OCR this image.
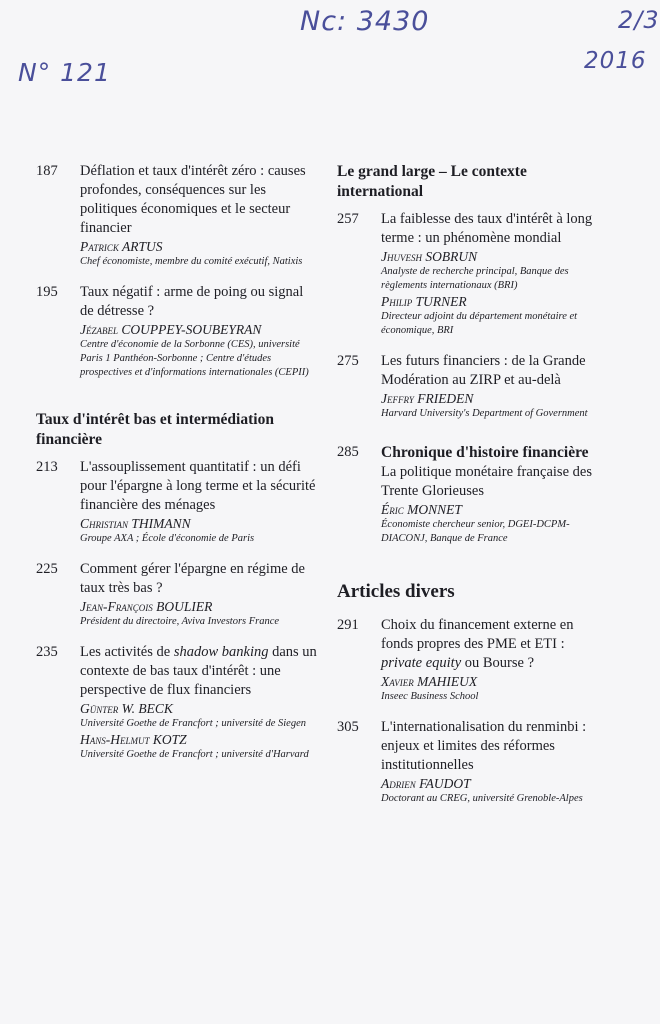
Nc: 3430
N° 121	2016
2/3
187	Déflation et taux d'intérêt zéro : causes profondes, conséquences sur les politiques économiques et le secteur financier
Patrick ARTUS
Chef économiste, membre du comité exécutif, Natixis
195	Taux négatif : arme de poing ou signal de détresse ?
Jézabel COUPPEY-SOUBEYRAN
Centre d'économie de la Sorbonne (CES), université Paris 1 Panthéon-Sorbonne ; Centre d'études prospectives et d'informations internationales (CEPII)
Taux d'intérêt bas et intermédiation financière
213	L'assouplissement quantitatif : un défi pour l'épargne à long terme et la sécurité financière des ménages
Christian THIMANN
Groupe AXA ; École d'économie de Paris
225	Comment gérer l'épargne en régime de taux très bas ?
Jean-François BOULIER
Président du directoire, Aviva Investors France
235	Les activités de shadow banking dans un contexte de bas taux d'intérêt : une perspective de flux financiers
Günter W. BECK
Université Goethe de Francfort ; université de Siegen
Hans-Helmut KOTZ
Université Goethe de Francfort ; université d'Harvard
Le grand large – Le contexte international
257	La faiblesse des taux d'intérêt à long terme : un phénomène mondial
Jhuvesh SOBRUN
Analyste de recherche principal, Banque des règlements internationaux (BRI)
Philip TURNER
Directeur adjoint du département monétaire et économique, BRI
275	Les futurs financiers : de la Grande Modération au ZIRP et au-delà
Jeffry FRIEDEN
Harvard University's Department of Government
285	Chronique d'histoire financière
La politique monétaire française des Trente Glorieuses
Éric MONNET
Économiste chercheur senior, DGEI-DCPM-DIACONJ, Banque de France
Articles divers
291	Choix du financement externe en fonds propres des PME et ETI : private equity ou Bourse ?
Xavier MAHIEUX
Inseec Business School
305	L'internationalisation du renminbi : enjeux et limites des réformes institutionnelles
Adrien FAUDOT
Doctorant au CREG, université Grenoble-Alpes
